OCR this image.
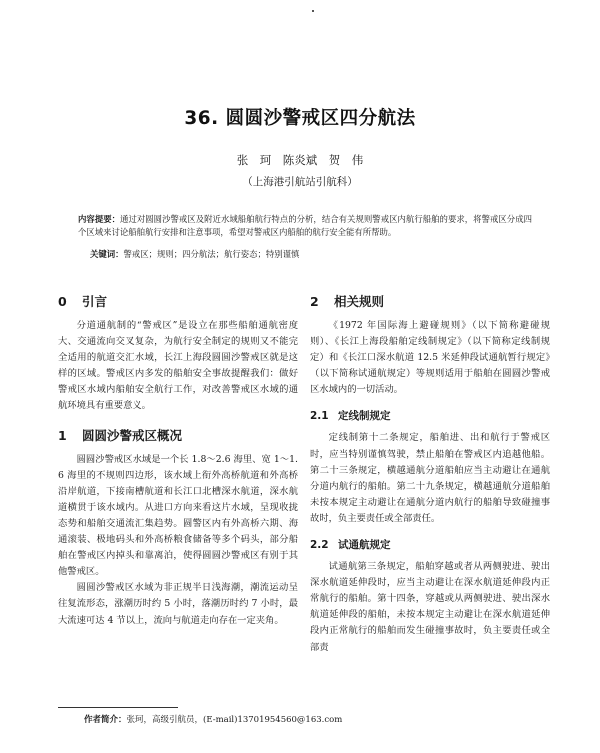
36. 圆圆沙警戒区四分航法
张　珂　陈炎斌　贺　伟
（上海港引航站引航科）
内容提要：通过对圆圆沙警戒区及附近水域船舶航行特点的分析，结合有关规则警戒区内航行船舶的要求，将警戒区分成四个区域来讨论船舶航行安排和注意事项，希望对警戒区内船舶的航行安全能有所帮助。
关键词：警戒区；规则；四分航法；航行姿态；特别谨慎
0 引言

分道通航制的“警戒区”是设立在那些船舶通航密度大、交通流向交叉复杂，为航行安全制定的规则又不能完全适用的航道交汇水域，长江上海段圆圆沙警戒区就是这样的区域。警戒区内多发的船舶安全事故提醒我们：做好警戒区水域内船舶安全航行工作，对改善警戒区水域的通航环境具有重要意义。

1 圆圆沙警戒区概况

圆圆沙警戒区水域是一个长 1.8～2.6 海里、宽 1～1.6 海里的不规则四边形，该水域上衔外高桥航道和外高桥沿岸航道，下接南槽航道和长江口北槽深水航道，深水航道横贯于该水域内。从进口方向来看这片水域，呈现收拢态势和船舶交通流汇集趋势。圆警区内有外高桥六期、海通滚装、极地码头和外高桥粮食储备等多个码头，部分船舶在警戒区内掉头和靠离泊，使得圆圆沙警戒区有别于其他警戒区。

圆圆沙警戒区水域为非正规半日浅海潮，潮流运动呈往复流形态，涨潮历时约 5 小时，落潮历时约 7 小时，最大流速可达 4 节以上，流向与航道走向存在一定夹角。

2 相关规则

《1972 年国际海上避碰规则》（以下简称避碰规则）、《长江上海段船舶定线制规定》（以下简称定线制规定）和《长江口深水航道 12.5 米延伸段试通航暂行规定》（以下简称试通航规定）等规则适用于船舶在圆圆沙警戒区水域内的一切活动。

2.1 定线制规定

定线制第十二条规定，船舶进、出和航行于警戒区时，应当特别谨慎驾驶，禁止船舶在警戒区内追越他船。第二十三条规定，横越通航分道船舶应当主动避让在通航分道内航行的船舶。第二十九条规定，横越通航分道船舶未按本规定主动避让在通航分道内航行的船舶导致碰撞事故时，负主要责任或全部责任。

2.2 试通航规定

试通航第三条规定，船舶穿越或者从两侧驶进、驶出深水航道延伸段时，应当主动避让在深水航道延伸段内正常航行的船舶。第十四条，穿越或从两侧驶进、驶出深水航道延伸段的船舶，未按本规定主动避让在深水航道延伸段内正常航行的船舶而发生碰撞事故时，负主要责任或全部责

作者简介：张珂，高级引航员，(E-mail)13701954560@163.com
